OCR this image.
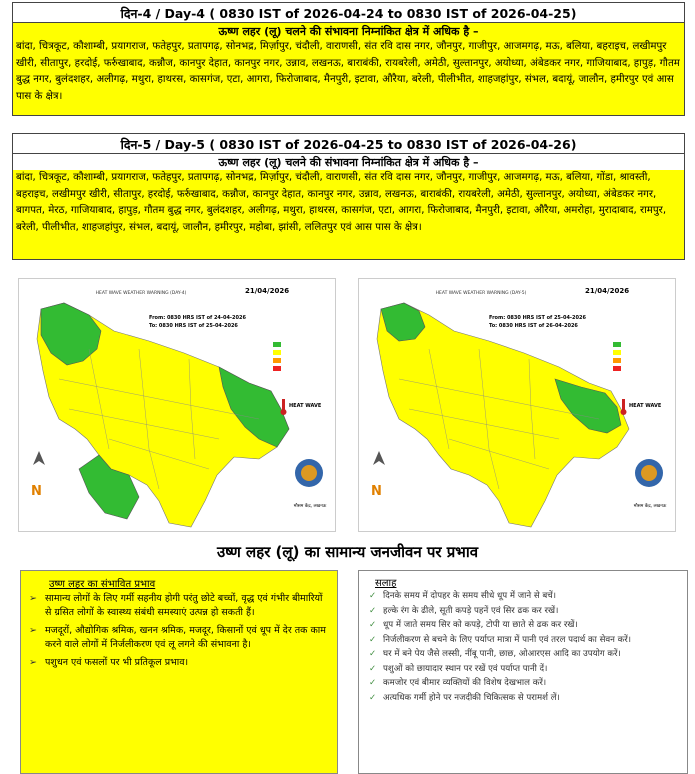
दिन-4 / Day-4 ( 0830 IST of 2026-04-24 to 0830 IST of 2026-04-25)
ऊष्ण लहर (लू) चलने की संभावना निम्नांकित क्षेत्र में अधिक है –
बांदा, चित्रकूट, कौशाम्बी, प्रयागराज, फतेहपुर, प्रतापगढ़, सोनभद्र, मिर्ज़ापुर, चंदौली, वाराणसी, संत रवि दास नगर, जौनपुर, गाजीपुर, आजमगढ़, मऊ, बलिया, बहराइच, लखीमपुर खीरी, सीतापुर, हरदोई, फर्रुखाबाद, कन्नौज, कानपुर देहात, कानपुर नगर, उन्नाव, लखनऊ, बाराबंकी, रायबरेली, अमेठी, सुल्तानपुर, अयोध्या, अंबेडकर नगर, गाजियाबाद, हापुड़, गौतम बुद्ध नगर, बुलंदशहर, अलीगढ़, मथुरा, हाथरस, कासगंज, एटा, आगरा, फिरोजाबाद, मैनपुरी, इटावा, औरैया, बरेली, पीलीभीत, शाहजहांपुर, संभल, बदायूं, जालौन, हमीरपुर एवं आस पास के क्षेत्र।
दिन-5 / Day-5 ( 0830 IST of 2026-04-25 to 0830 IST of 2026-04-26)
ऊष्ण लहर (लू) चलने की संभावना निम्नांकित क्षेत्र में अधिक है –
बांदा, चित्रकूट, कौशाम्बी, प्रयागराज, फतेहपुर, प्रतापगढ़, सोनभद्र, मिर्ज़ापुर, चंदौली, वाराणसी, संत रवि दास नगर, जौनपुर, गाजीपुर, आजमगढ़, मऊ, बलिया, गोंडा, श्रावस्ती, बहराइच, लखीमपुर खीरी, सीतापुर, हरदोई, फर्रुखाबाद, कन्नौज, कानपुर देहात, कानपुर नगर, उन्नाव, लखनऊ, बाराबंकी, रायबरेली, अमेठी, सुल्तानपुर, अयोध्या, अंबेडकर नगर, बागपत, मेरठ, गाजियाबाद, हापुड़, गौतम बुद्ध नगर, बुलंदशहर, अलीगढ़, मथुरा, हाथरस, कासगंज, एटा, आगरा, फिरोजाबाद, मैनपुरी, इटावा, औरैया, अमरोहा, मुरादाबाद, रामपुर, बरेली, पीलीभीत, शाहजहांपुर, संभल, बदायूं, जालौन, हमीरपुर, महोबा, झांसी, ललितपुर एवं आस पास के क्षेत्र।
HEAT WAVE WEATHER WARNING (DAY-4)	21/04/2026
From: 0830 HRS IST of 24-04-2026
To: 0830 HRS IST of 25-04-2026
HEAT WAVE
N
मौसम केंद्र, लखनऊ
HEAT WAVE WEATHER WARNING (DAY-5)	21/04/2026
From: 0830 HRS IST of 25-04-2026
To: 0830 HRS IST of 26-04-2026
HEAT WAVE
N
मौसम केंद्र, लखनऊ
उष्ण लहर (लू) का सामान्य जनजीवन पर प्रभाव
उष्ण लहर का संभावित प्रभाव
➢ सामान्य लोगों के लिए गर्मी सहनीय होगी परंतु छोटे बच्चों, वृद्ध एवं गंभीर बीमारियों से ग्रसित लोगों के स्वास्थ्य संबंधी समस्याएं उत्पन्न हो सकती हैं।
➢ मजदूरों, औद्योगिक श्रमिक, खनन श्रमिक, मजदूर, किसानों एवं धूप में देर तक काम करने वाले लोगों में निर्जलीकरण एवं लू लगने की संभावना है।
➢ पशुधन एवं फसलों पर भी प्रतिकूल प्रभाव।
सलाह
✓ दिनके समय में दोपहर के समय सीधे धूप में जाने से बचें।
✓ हल्के रंग के ढीले, सूती कपड़े पहनें एवं सिर ढक कर रखें।
✓ धूप में जाते समय सिर को कपड़े, टोपी या छाते से ढक कर रखें।
✓ निर्जलीकरण से बचने के लिए पर्याप्त मात्रा में पानी एवं तरल पदार्थ का सेवन करें।
✓ घर में बने पेय जैसे लस्सी, नींबू पानी, छाछ, ओआरएस आदि का उपयोग करें।
✓ पशुओं को छायादार स्थान पर रखें एवं पर्याप्त पानी दें।
✓ कमजोर एवं बीमार व्यक्तियों की विशेष देखभाल करें।
✓ अत्यधिक गर्मी होने पर नजदीकी चिकित्सक से परामर्श लें।
